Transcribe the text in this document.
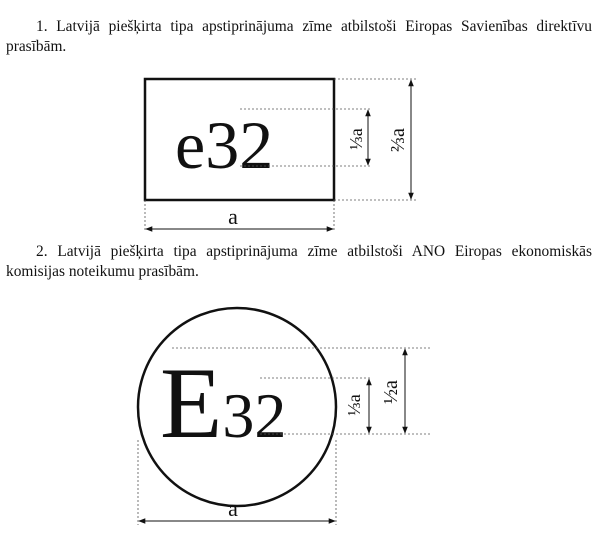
1. Latvijā piešķirta tipa apstiprinājuma zīme atbilstoši Eiropas Savienības direktīvu prasībām.

e32	⅓a ⅔a
a

2. Latvijā piešķirta tipa apstiprinājuma zīme atbilstoši ANO Eiropas ekonomiskās komisijas noteikumu prasībām.

E32	⅓a
½a
a
